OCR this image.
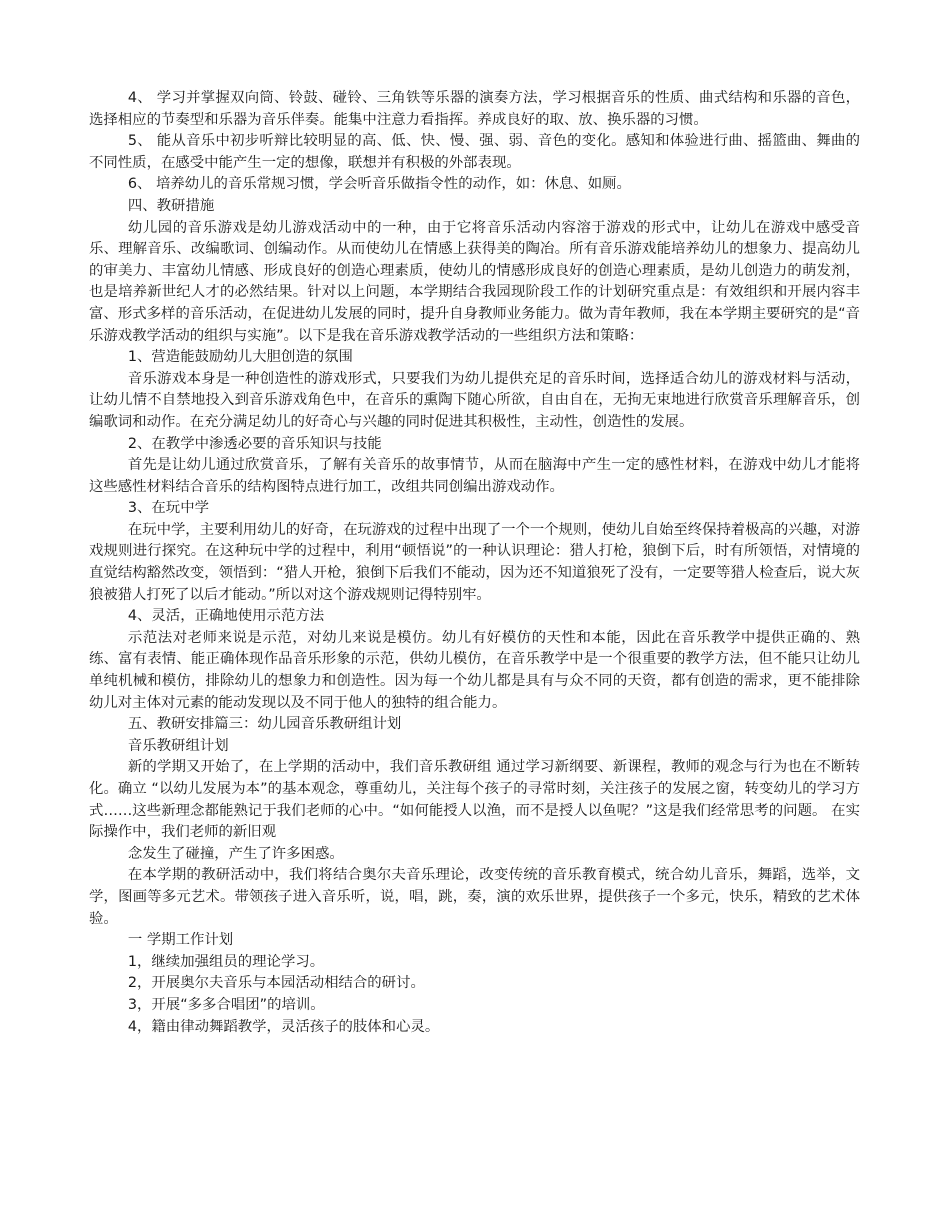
4、 学习并掌握双向筒、铃鼓、碰铃、三角铁等乐器的演奏方法，学习根据音乐的性质、曲式结构和乐器的音色，选择相应的节奏型和乐器为音乐伴奏。能集中注意力看指挥。养成良好的取、放、换乐器的习惯。

5、 能从音乐中初步听辩比较明显的高、低、快、慢、强、弱、音色的变化。感知和体验进行曲、摇篮曲、舞曲的不同性质，在感受中能产生一定的想像，联想并有积极的外部表现。

6、 培养幼儿的音乐常规习惯，学会听音乐做指令性的动作，如：休息、如厕。

四、教研措施

幼儿园的音乐游戏是幼儿游戏活动中的一种，由于它将音乐活动内容溶于游戏的形式中，让幼儿在游戏中感受音乐、理解音乐、改编歌词、创编动作。从而使幼儿在情感上获得美的陶冶。所有音乐游戏能培养幼儿的想象力、提高幼儿的审美力、丰富幼儿情感、形成良好的创造心理素质，使幼儿的情感形成良好的创造心理素质，是幼儿创造力的萌发剂，也是培养新世纪人才的必然结果。针对以上问题，本学期结合我园现阶段工作的计划研究重点是：有效组织和开展内容丰富、形式多样的音乐活动，在促进幼儿发展的同时，提升自身教师业务能力。做为青年教师，我在本学期主要研究的是“音乐游戏教学活动的组织与实施”。以下是我在音乐游戏教学活动的一些组织方法和策略：

1、营造能鼓励幼儿大胆创造的氛围

音乐游戏本身是一种创造性的游戏形式，只要我们为幼儿提供充足的音乐时间，选择适合幼儿的游戏材料与活动，让幼儿情不自禁地投入到音乐游戏角色中，在音乐的熏陶下随心所欲，自由自在，无拘无束地进行欣赏音乐理解音乐，创编歌词和动作。在充分满足幼儿的好奇心与兴趣的同时促进其积极性，主动性，创造性的发展。

2、在教学中渗透必要的音乐知识与技能

首先是让幼儿通过欣赏音乐，了解有关音乐的故事情节，从而在脑海中产生一定的感性材料，在游戏中幼儿才能将这些感性材料结合音乐的结构图特点进行加工，改组共同创编出游戏动作。

3、在玩中学

在玩中学，主要利用幼儿的好奇，在玩游戏的过程中出现了一个一个规则，使幼儿自始至终保持着极高的兴趣，对游戏规则进行探究。在这种玩中学的过程中，利用“顿悟说”的一种认识理论：猎人打枪，狼倒下后，时有所领悟，对情境的直觉结构豁然改变，领悟到：“猎人开枪，狼倒下后我们不能动，因为还不知道狼死了没有，一定要等猎人检查后，说大灰狼被猎人打死了以后才能动。”所以对这个游戏规则记得特别牢。

4、灵活，正确地使用示范方法

示范法对老师来说是示范，对幼儿来说是模仿。幼儿有好模仿的天性和本能，因此在音乐教学中提供正确的、熟练、富有表情、能正确体现作品音乐形象的示范，供幼儿模仿，在音乐教学中是一个很重要的教学方法，但不能只让幼儿单纯机械和模仿，排除幼儿的想象力和创造性。因为每一个幼儿都是具有与众不同的天资，都有创造的需求，更不能排除幼儿对主体对元素的能动发现以及不同于他人的独特的组合能力。

五、教研安排篇三：幼儿园音乐教研组计划

音乐教研组计划

新的学期又开始了，在上学期的活动中，我们音乐教研组 通过学习新纲要、新课程，教师的观念与行为也在不断转化。确立 “以幼儿发展为本”的基本观念，尊重幼儿，关注每个孩子的寻常时刻，关注孩子的发展之窗，转变幼儿的学习方式……这些新理念都能熟记于我们老师的心中。“如何能授人以渔，而不是授人以鱼呢？”这是我们经常思考的问题。 在实际操作中，我们老师的新旧观

念发生了碰撞，产生了许多困惑。

在本学期的教研活动中，我们将结合奥尔夫音乐理论，改变传统的音乐教育模式，统合幼儿音乐，舞蹈，选举，文学，图画等多元艺术。带领孩子进入音乐听，说，唱，跳，奏，演的欢乐世界，提供孩子一个多元，快乐，精致的艺术体验。

一 学期工作计划

1，继续加强组员的理论学习。

2，开展奥尔夫音乐与本园活动相结合的研讨。

3，开展“多多合唱团”的培训。

4，籍由律动舞蹈教学，灵活孩子的肢体和心灵。
